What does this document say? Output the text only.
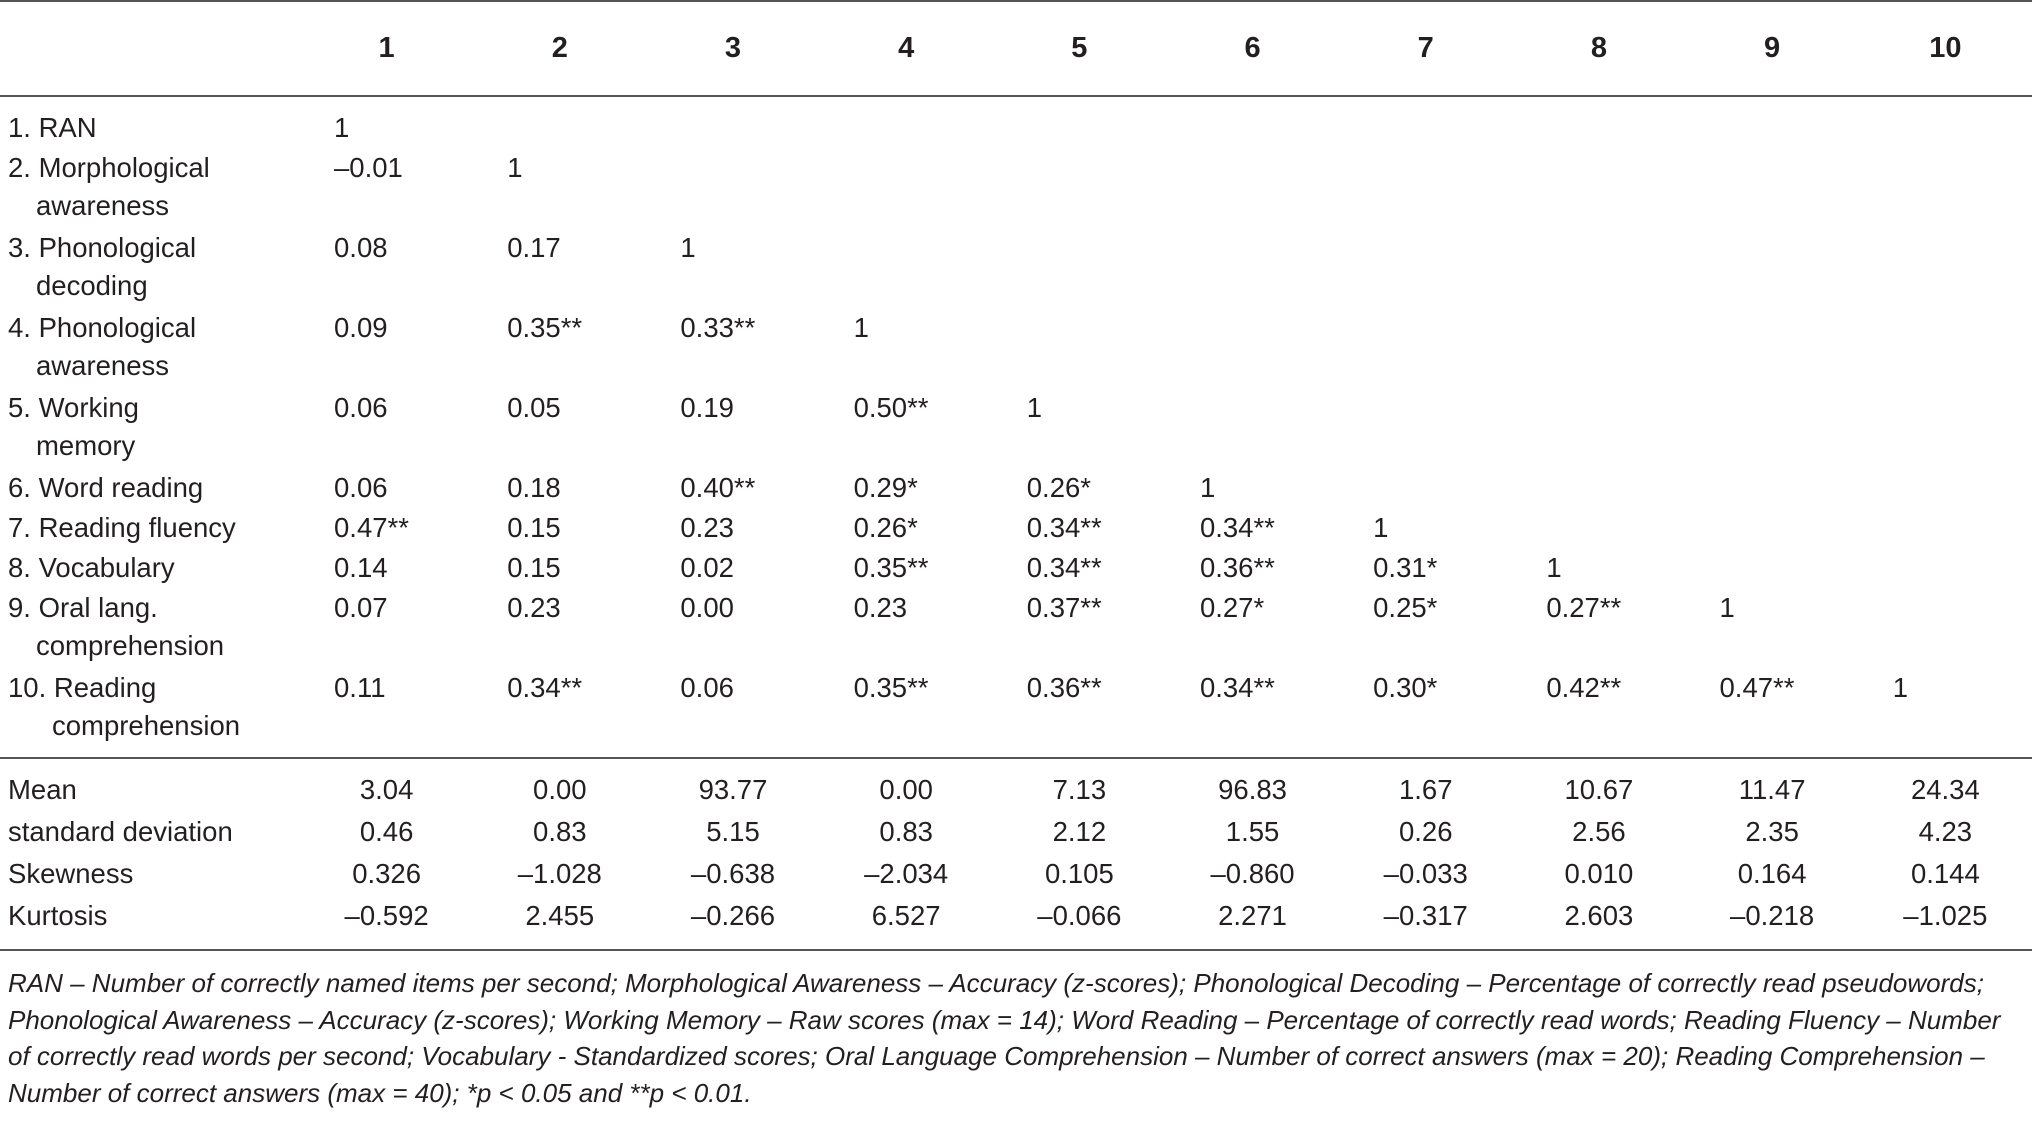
	1	2	3	4	5	6	7	8	9	10

1. RAN	1									

2. Morphological
awareness	–0.01	1								

3. Phonological
decoding	0.08	0.17	1							

4. Phonological
awareness	0.09	0.35**	0.33**	1						

5. Working
memory	0.06	0.05	0.19	0.50**	1					

6. Word reading	0.06	0.18	0.40**	0.29*	0.26*	1				

7. Reading fluency	0.47**	0.15	0.23	0.26*	0.34**	0.34**	1			

8. Vocabulary	0.14	0.15	0.02	0.35**	0.34**	0.36**	0.31*	1		

9. Oral lang.
comprehension	0.07	0.23	0.00	0.23	0.37**	0.27*	0.25*	0.27**	1	

10. Reading
comprehension	0.11	0.34**	0.06	0.35**	0.36**	0.34**	0.30*	0.42**	0.47**	1
Mean	3.04	0.00	93.77	0.00	7.13	96.83	1.67	10.67	11.47	24.34
standard deviation	0.46	0.83	5.15	0.83	2.12	1.55	0.26	2.56	2.35	4.23
Skewness	0.326	–1.028	–0.638	–2.034	0.105	–0.860	–0.033	0.010	0.164	0.144
Kurtosis	–0.592	2.455	–0.266	6.527	–0.066	2.271	–0.317	2.603	–0.218	–1.025
RAN – Number of correctly named items per second; Morphological Awareness – Accuracy (z-scores); Phonological Decoding – Percentage of correctly read pseudowords; Phonological Awareness – Accuracy (z-scores); Working Memory – Raw scores (max = 14); Word Reading – Percentage of correctly read words; Reading Fluency – Number of correctly read words per second; Vocabulary - Standardized scores; Oral Language Comprehension – Number of correct answers (max = 20); Reading Comprehension – Number of correct answers (max = 40); *p < 0.05 and **p < 0.01.
